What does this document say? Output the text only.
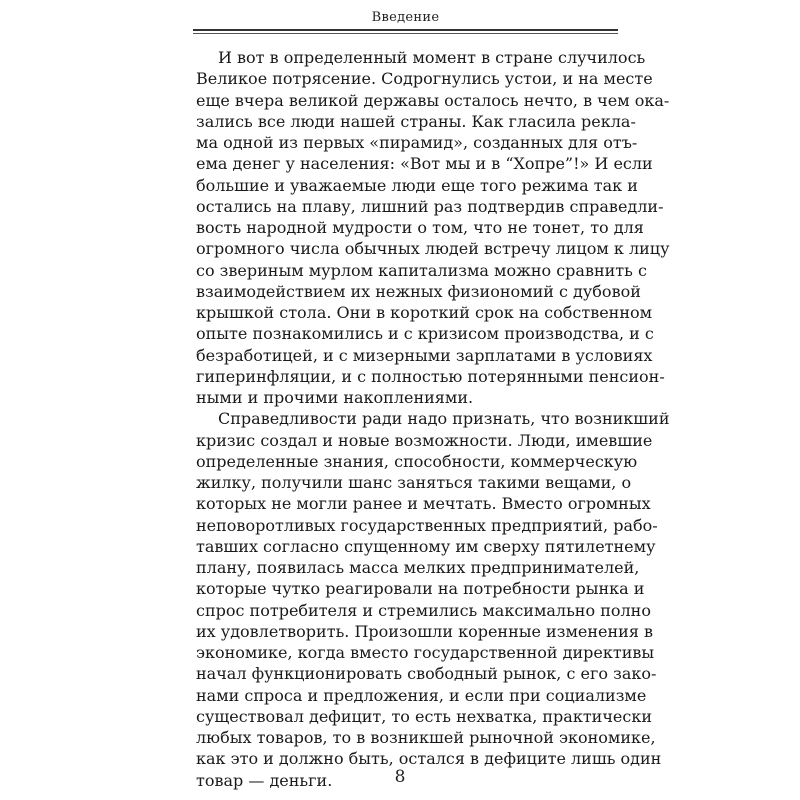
Введение
И вот в определенный момент в стране случилось
Великое потрясение. Содрогнулись устои, и на месте
еще вчера великой державы осталось нечто, в чем ока-
зались все люди нашей страны. Как гласила рекла-
ма одной из первых «пирамид», созданных для отъ-
ема денег у населения: «Вот мы и в “Хопре”!» И если
большие и уважаемые люди еще того режима так и
остались на плаву, лишний раз подтвердив справедли-
вость народной мудрости о том, что не тонет, то для
огромного числа обычных людей встречу лицом к лицу
со звериным мурлом капитализма можно сравнить с
взаимодействием их нежных физиономий с дубовой
крышкой стола. Они в короткий срок на собственном
опыте познакомились и с кризисом производства, и с
безработицей, и с мизерными зарплатами в условиях
гиперинфляции, и с полностью потерянными пенсион-
ными и прочими накоплениями.
Справедливости ради надо признать, что возникший
кризис создал и новые возможности. Люди, имевшие
определенные знания, способности, коммерческую
жилку, получили шанс заняться такими вещами, о
которых не могли ранее и мечтать. Вместо огромных
неповоротливых государственных предприятий, рабо-
тавших согласно спущенному им сверху пятилетнему
плану, появилась масса мелких предпринимателей,
которые чутко реагировали на потребности рынка и
спрос потребителя и стремились максимально полно
их удовлетворить. Произошли коренные изменения в
экономике, когда вместо государственной директивы
начал функционировать свободный рынок, с его зако-
нами спроса и предложения, и если при социализме
существовал дефицит, то есть нехватка, практически
любых товаров, то в возникшей рыночной экономике,
как это и должно быть, остался в дефиците лишь один
товар — деньги.	8
